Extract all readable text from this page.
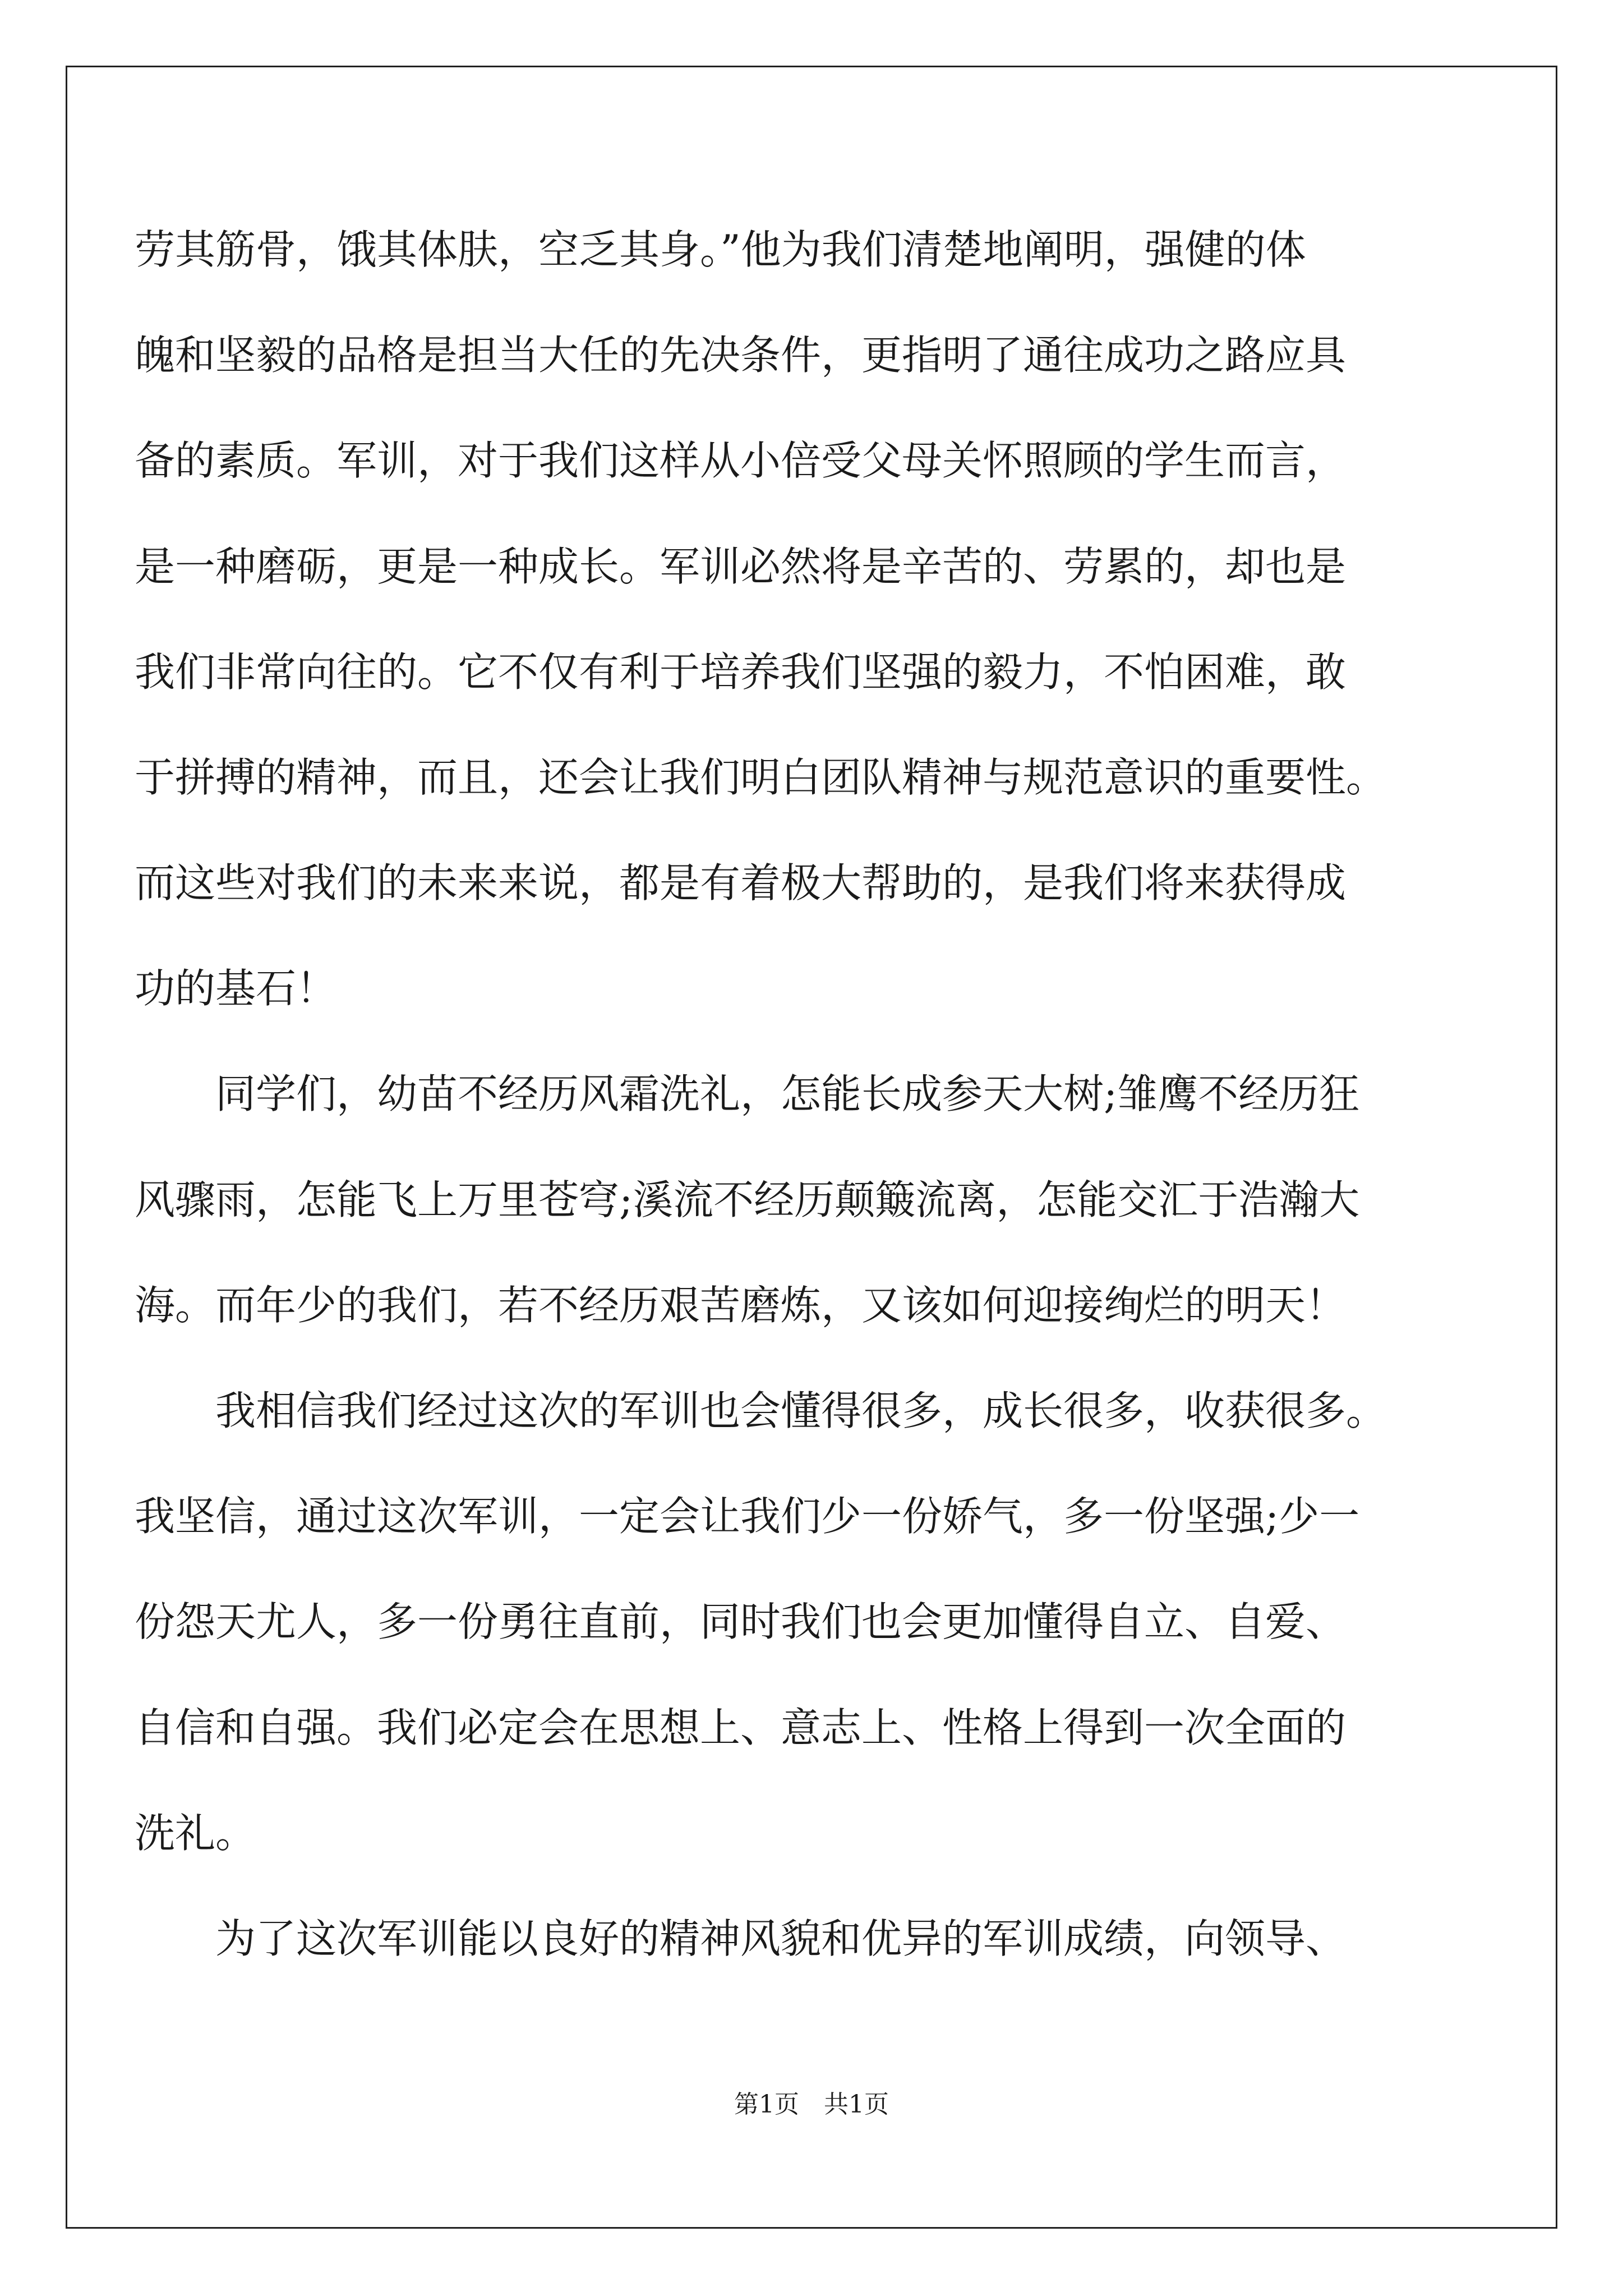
劳其筋骨，饿其体肤，空乏其身。”他为我们清楚地阐明，强健的体
魄和坚毅的品格是担当大任的先决条件，更指明了通往成功之路应具
备的素质。军训，对于我们这样从小倍受父母关怀照顾的学生而言，
是一种磨砺，更是一种成长。军训必然将是辛苦的、劳累的，却也是
我们非常向往的。它不仅有利于培养我们坚强的毅力，不怕困难，敢
于拼搏的精神，而且，还会让我们明白团队精神与规范意识的重要性。
而这些对我们的未来来说，都是有着极大帮助的，是我们将来获得成
功的基石！
　　同学们，幼苗不经历风霜洗礼，怎能长成参天大树;雏鹰不经历狂
风骤雨，怎能飞上万里苍穹;溪流不经历颠簸流离，怎能交汇于浩瀚大
海。而年少的我们，若不经历艰苦磨炼，又该如何迎接绚烂的明天！
　　我相信我们经过这次的军训也会懂得很多，成长很多，收获很多。
我坚信，通过这次军训，一定会让我们少一份娇气，多一份坚强;少一
份怨天尤人，多一份勇往直前，同时我们也会更加懂得自立、自爱、
自信和自强。我们必定会在思想上、意志上、性格上得到一次全面的
洗礼。
　　为了这次军训能以良好的精神风貌和优异的军训成绩，向领导、
第1页　共1页
